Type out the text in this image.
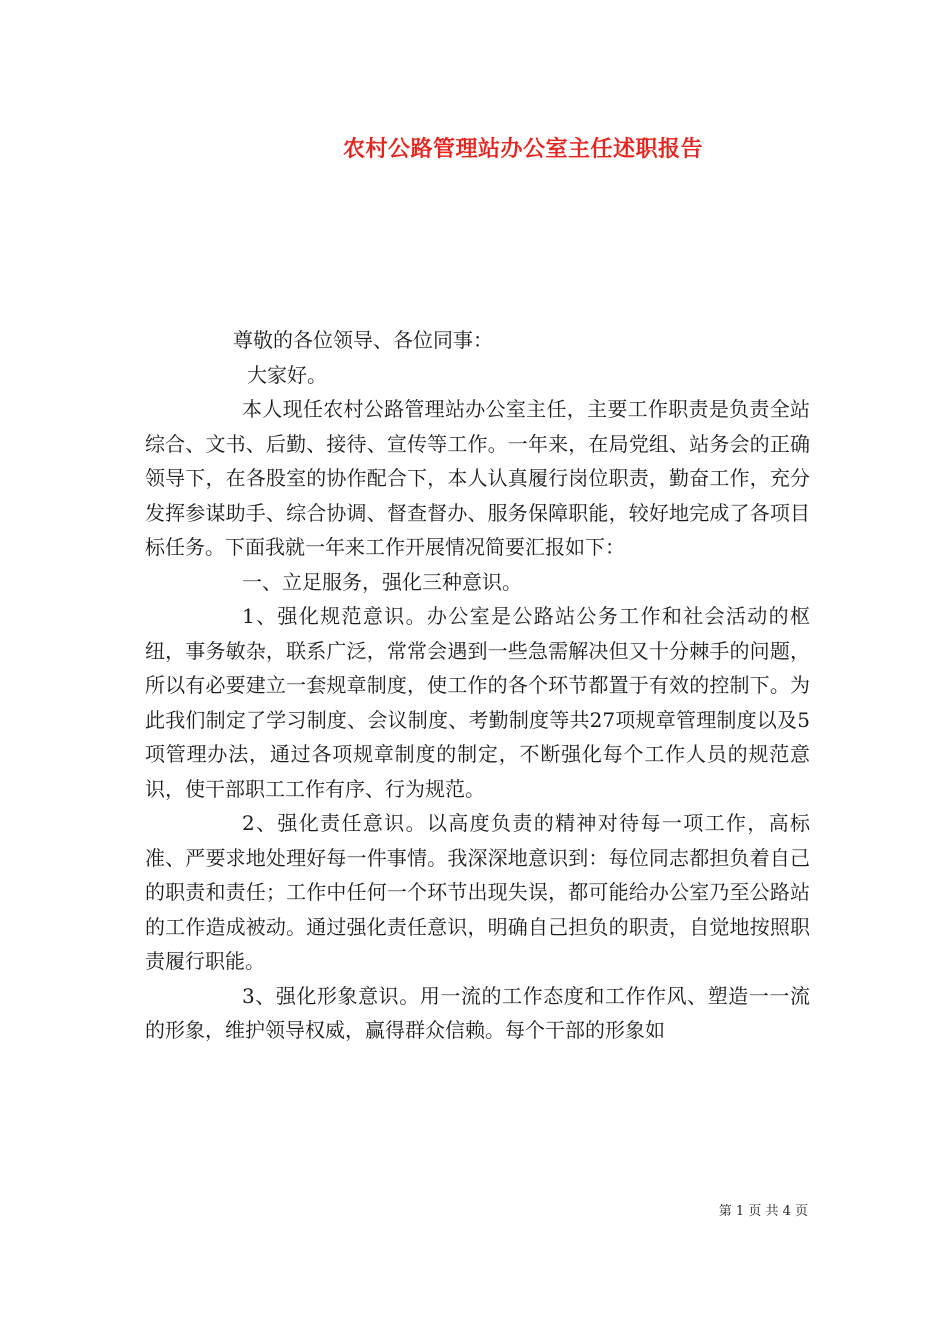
农村公路管理站办公室主任述职报告

尊敬的各位领导、各位同事：

大家好。

本人现任农村公路管理站办公室主任，主要工作职责是负责全站综合、文书、后勤、接待、宣传等工作。一年来，在局党组、站务会的正确领导下，在各股室的协作配合下，本人认真履行岗位职责，勤奋工作，充分发挥参谋助手、综合协调、督查督办、服务保障职能，较好地完成了各项目标任务。下面我就一年来工作开展情况简要汇报如下：

一、立足服务，强化三种意识。

1、强化规范意识。办公室是公路站公务工作和社会活动的枢纽，事务敏杂，联系广泛，常常会遇到一些急需解决但又十分棘手的问题，所以有必要建立一套规章制度，使工作的各个环节都置于有效的控制下。为此我们制定了学习制度、会议制度、考勤制度等共27项规章管理制度以及5项管理办法，通过各项规章制度的制定，不断强化每个工作人员的规范意识，使干部职工工作有序、行为规范。

2、强化责任意识。以高度负责的精神对待每一项工作，高标准、严要求地处理好每一件事情。我深深地意识到：每位同志都担负着自己的职责和责任；工作中任何一个环节出现失误，都可能给办公室乃至公路站的工作造成被动。通过强化责任意识，明确自己担负的职责，自觉地按照职责履行职能。

3、强化形象意识。用一流的工作态度和工作作风、塑造一一流的形象，维护领导权威，赢得群众信赖。每个干部的形象如

第 1 页 共 4 页
